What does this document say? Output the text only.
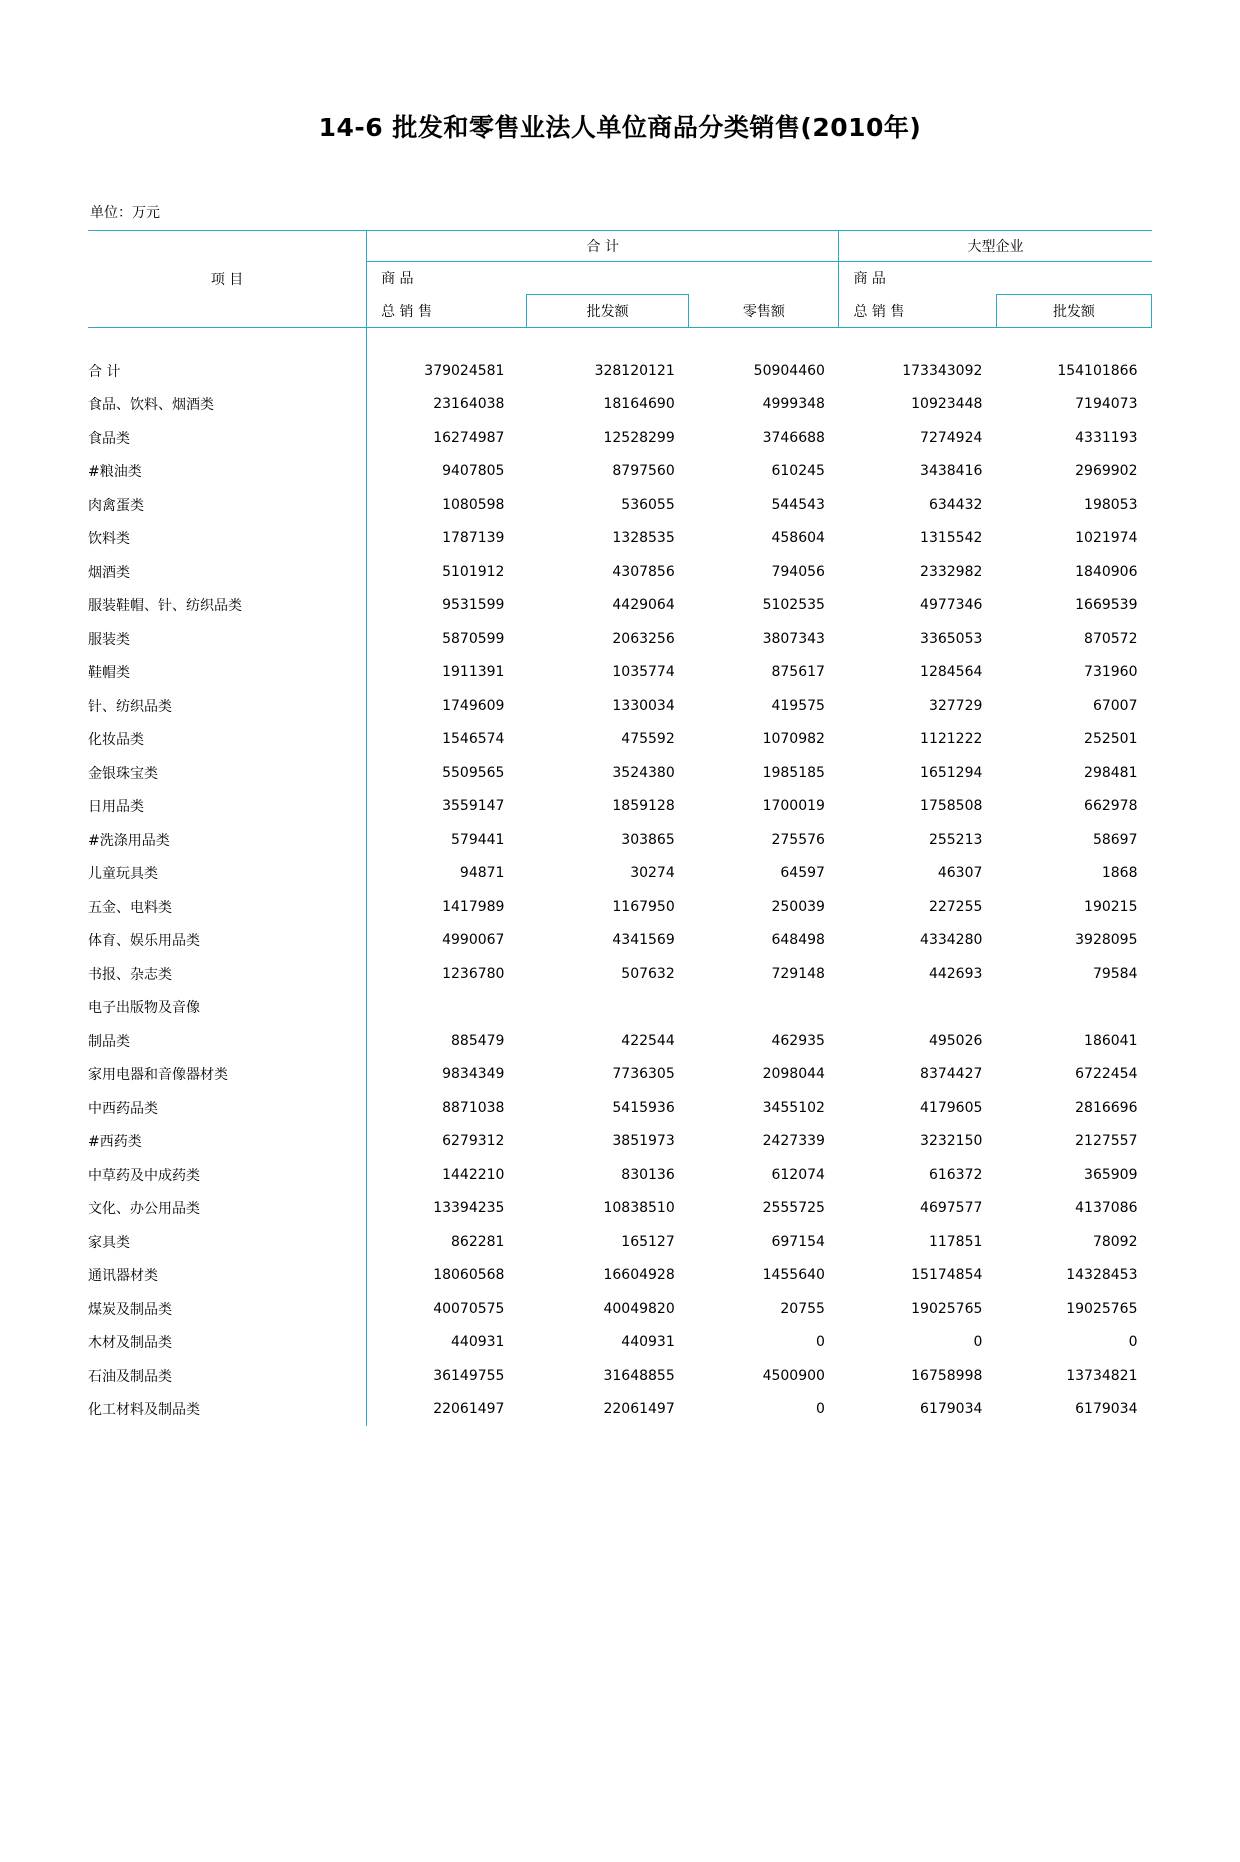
14-6 批发和零售业法人单位商品分类销售(2010年)
单位：万元
项 目	合 计			大型企业	
	商 品			商 品	
	总 销 售	批发额	零售额	总 销 售	批发额

合 计	379024581	328120121	50904460	173343092	154101866
食品、饮料、烟酒类	23164038	18164690	4999348	10923448	7194073
食品类	16274987	12528299	3746688	7274924	4331193
#粮油类	9407805	8797560	610245	3438416	2969902
肉禽蛋类	1080598	536055	544543	634432	198053
饮料类	1787139	1328535	458604	1315542	1021974
烟酒类	5101912	4307856	794056	2332982	1840906
服装鞋帽、针、纺织品类	9531599	4429064	5102535	4977346	1669539
服装类	5870599	2063256	3807343	3365053	870572
鞋帽类	1911391	1035774	875617	1284564	731960
针、纺织品类	1749609	1330034	419575	327729	67007
化妆品类	1546574	475592	1070982	1121222	252501
金银珠宝类	5509565	3524380	1985185	1651294	298481
日用品类	3559147	1859128	1700019	1758508	662978
#洗涤用品类	579441	303865	275576	255213	58697
儿童玩具类	94871	30274	64597	46307	1868
五金、电料类	1417989	1167950	250039	227255	190215
体育、娱乐用品类	4990067	4341569	648498	4334280	3928095
书报、杂志类	1236780	507632	729148	442693	79584
电子出版物及音像					
制品类	885479	422544	462935	495026	186041
家用电器和音像器材类	9834349	7736305	2098044	8374427	6722454
中西药品类	8871038	5415936	3455102	4179605	2816696
#西药类	6279312	3851973	2427339	3232150	2127557
中草药及中成药类	1442210	830136	612074	616372	365909
文化、办公用品类	13394235	10838510	2555725	4697577	4137086
家具类	862281	165127	697154	117851	78092
通讯器材类	18060568	16604928	1455640	15174854	14328453
煤炭及制品类	40070575	40049820	20755	19025765	19025765
木材及制品类	440931	440931	0	0	0
石油及制品类	36149755	31648855	4500900	16758998	13734821
化工材料及制品类	22061497	22061497	0	6179034	6179034
